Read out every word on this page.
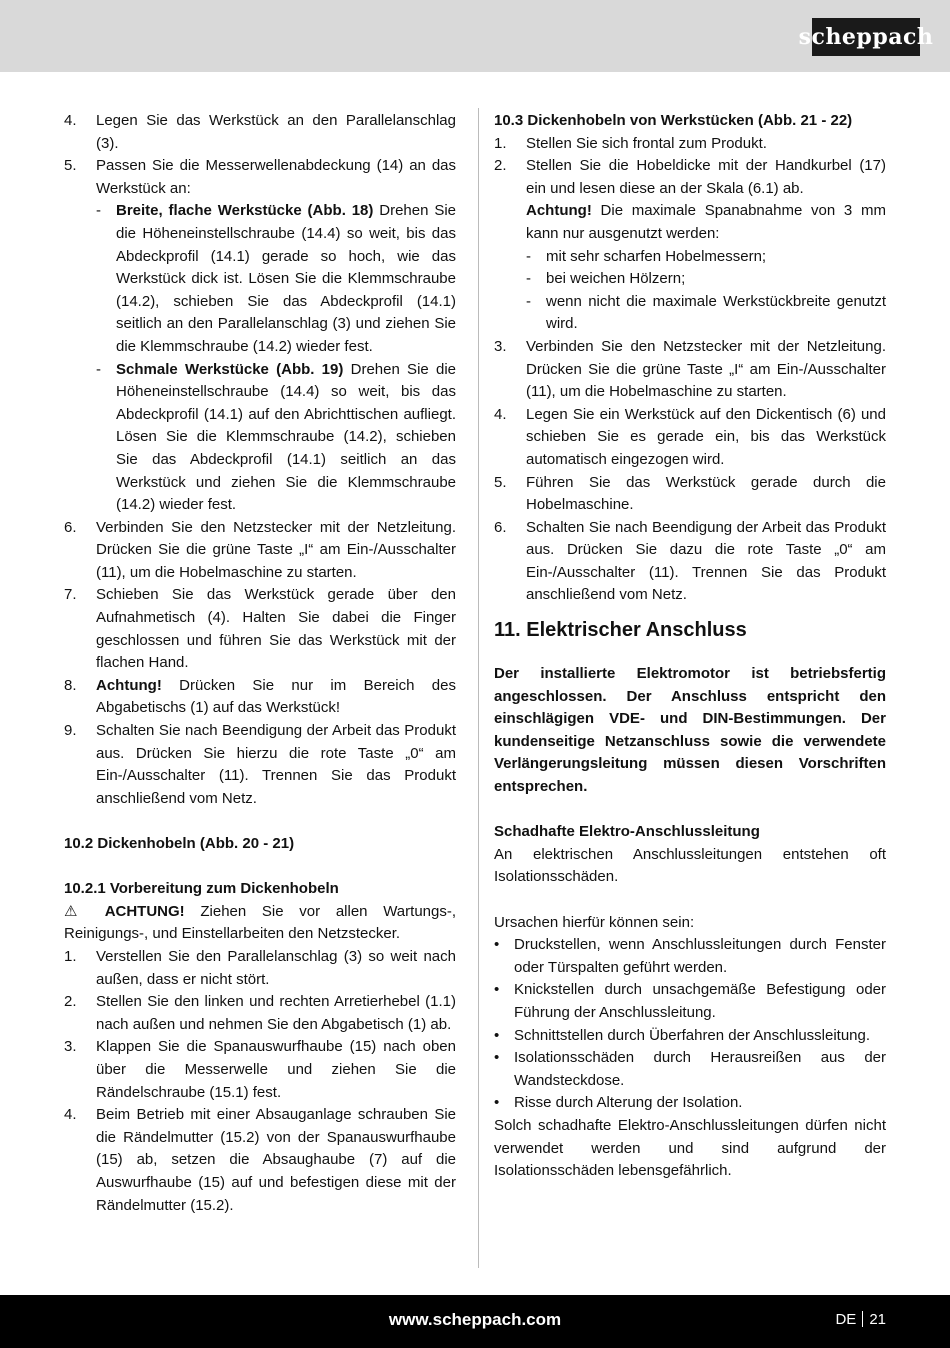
scheppach
4.	Legen Sie das Werkstück an den Parallelanschlag (3).
5.	Passen Sie die Messerwellenabdeckung (14) an das Werkstück an:
-	Breite, flache Werkstücke (Abb. 18) Drehen Sie die Höheneinstellschraube (14.4) so weit, bis das Abdeckprofil (14.1) gerade so hoch, wie das Werkstück dick ist. Lösen Sie die Klemmschraube (14.2), schieben Sie das Abdeckprofil (14.1) seitlich an den Parallelanschlag (3) und ziehen Sie die Klemmschraube (14.2) wieder fest.
-	Schmale Werkstücke (Abb. 19) Drehen Sie die Höheneinstellschraube (14.4) so weit, bis das Abdeckprofil (14.1) auf den Abrichttischen aufliegt. Lösen Sie die Klemmschraube (14.2), schieben Sie das Abdeckprofil (14.1) seitlich an das Werkstück und ziehen Sie die Klemmschraube (14.2) wieder fest.
6.	Verbinden Sie den Netzstecker mit der Netzleitung. Drücken Sie die grüne Taste „I“ am Ein-/Ausschalter (11), um die Hobelmaschine zu starten.
7.	Schieben Sie das Werkstück gerade über den Aufnahmetisch (4). Halten Sie dabei die Finger geschlossen und führen Sie das Werkstück mit der flachen Hand.
8.	Achtung! Drücken Sie nur im Bereich des Abgabetischs (1) auf das Werkstück!
9.	Schalten Sie nach Beendigung der Arbeit das Produkt aus. Drücken Sie hierzu die rote Taste „0“ am Ein-/Ausschalter (11). Trennen Sie das Produkt anschließend vom Netz.
10.2 Dickenhobeln (Abb. 20 - 21)
10.2.1 Vorbereitung zum Dickenhobeln
⚠ ACHTUNG! Ziehen Sie vor allen Wartungs-, Reinigungs-, und Einstellarbeiten den Netzstecker.
1.	Verstellen Sie den Parallelanschlag (3) so weit nach außen, dass er nicht stört.
2.	Stellen Sie den linken und rechten Arretierhebel (1.1) nach außen und nehmen Sie den Abgabetisch (1) ab.
3.	Klappen Sie die Spanauswurfhaube (15) nach oben über die Messerwelle und ziehen Sie die Rändelschraube (15.1) fest.
4.	Beim Betrieb mit einer Absauganlage schrauben Sie die Rändelmutter (15.2) von der Spanauswurfhaube (15) ab, setzen die Absaughaube (7) auf die Auswurfhaube (15) auf und befestigen diese mit der Rändelmutter (15.2).
10.3 Dickenhobeln von Werkstücken (Abb. 21 - 22)
1.	Stellen Sie sich frontal zum Produkt.
2.	Stellen Sie die Hobeldicke mit der Handkurbel (17) ein und lesen diese an der Skala (6.1) ab.
Achtung! Die maximale Spanabnahme von 3 mm kann nur ausgenutzt werden:
-	mit sehr scharfen Hobelmessern;
-	bei weichen Hölzern;
-	wenn nicht die maximale Werkstückbreite genutzt wird.
3.	Verbinden Sie den Netzstecker mit der Netzleitung. Drücken Sie die grüne Taste „I“ am Ein-/Ausschalter (11), um die Hobelmaschine zu starten.
4.	Legen Sie ein Werkstück auf den Dickentisch (6) und schieben Sie es gerade ein, bis das Werkstück automatisch eingezogen wird.
5.	Führen Sie das Werkstück gerade durch die Hobelmaschine.
6.	Schalten Sie nach Beendigung der Arbeit das Produkt aus. Drücken Sie dazu die rote Taste „0“ am Ein-/Ausschalter (11). Trennen Sie das Produkt anschließend vom Netz.
11. Elektrischer Anschluss
Der installierte Elektromotor ist betriebsfertig angeschlossen. Der Anschluss entspricht den einschlägigen VDE- und DIN-Bestimmungen. Der kundenseitige Netzanschluss sowie die verwendete Verlängerungsleitung müssen diesen Vorschriften entsprechen.
Schadhafte Elektro-Anschlussleitung
An elektrischen Anschlussleitungen entstehen oft Isolationsschäden.
Ursachen hierfür können sein:
• Druckstellen, wenn Anschlussleitungen durch Fenster oder Türspalten geführt werden.
• Knickstellen durch unsachgemäße Befestigung oder Führung der Anschlussleitung.
• Schnittstellen durch Überfahren der Anschlussleitung.
• Isolationsschäden durch Herausreißen aus der Wandsteckdose.
• Risse durch Alterung der Isolation.
Solch schadhafte Elektro-Anschlussleitungen dürfen nicht verwendet werden und sind aufgrund der Isolationsschäden lebensgefährlich.
www.scheppach.com	DE 21
